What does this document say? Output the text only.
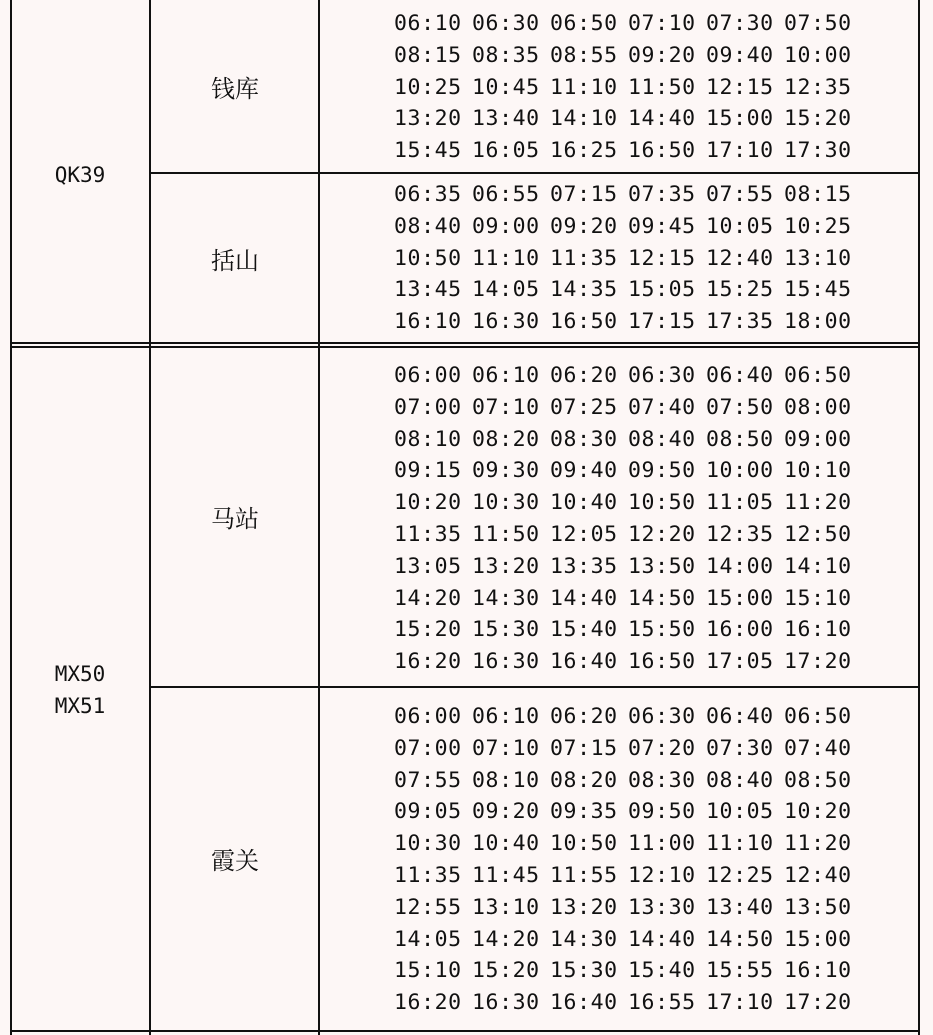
QK39
钱库
06:10 06:30 06:50 07:10 07:30 07:50
08:15 08:35 08:55 09:20 09:40 10:00
10:25 10:45 11:10 11:50 12:15 12:35
13:20 13:40 14:10 14:40 15:00 15:20
15:45 16:05 16:25 16:50 17:10 17:30
括山
06:35 06:55 07:15 07:35 07:55 08:15
08:40 09:00 09:20 09:45 10:05 10:25
10:50 11:10 11:35 12:15 12:40 13:10
13:45 14:05 14:35 15:05 15:25 15:45
16:10 16:30 16:50 17:15 17:35 18:00
MX50
MX51
马站
06:00 06:10 06:20 06:30 06:40 06:50
07:00 07:10 07:25 07:40 07:50 08:00
08:10 08:20 08:30 08:40 08:50 09:00
09:15 09:30 09:40 09:50 10:00 10:10
10:20 10:30 10:40 10:50 11:05 11:20
11:35 11:50 12:05 12:20 12:35 12:50
13:05 13:20 13:35 13:50 14:00 14:10
14:20 14:30 14:40 14:50 15:00 15:10
15:20 15:30 15:40 15:50 16:00 16:10
16:20 16:30 16:40 16:50 17:05 17:20
霞关
06:00 06:10 06:20 06:30 06:40 06:50
07:00 07:10 07:15 07:20 07:30 07:40
07:55 08:10 08:20 08:30 08:40 08:50
09:05 09:20 09:35 09:50 10:05 10:20
10:30 10:40 10:50 11:00 11:10 11:20
11:35 11:45 11:55 12:10 12:25 12:40
12:55 13:10 13:20 13:30 13:40 13:50
14:05 14:20 14:30 14:40 14:50 15:00
15:10 15:20 15:30 15:40 15:55 16:10
16:20 16:30 16:40 16:55 17:10 17:20
